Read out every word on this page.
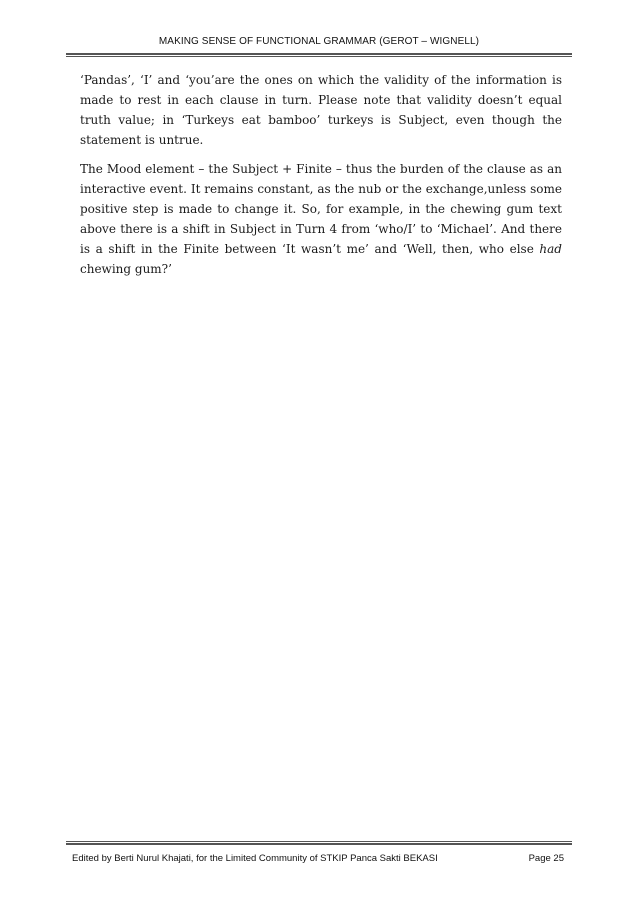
MAKING SENSE OF FUNCTIONAL GRAMMAR (GEROT – WIGNELL)

‘Pandas’, ‘I’ and ‘you’are the ones on which the validity of the information is made to rest in each clause in turn. Please note that validity doesn’t equal truth value; in ‘Turkeys eat bamboo’ turkeys is Subject, even though the statement is untrue.

The Mood element – the Subject + Finite – thus the burden of the clause as an interactive event. It remains constant, as the nub or the exchange,unless some positive step is made to change it. So, for example, in the chewing gum text above there is a shift in Subject in Turn 4 from ‘who/I’ to ‘Michael’. And there is a shift in the Finite between ‘It wasn’t me’ and ‘Well, then, who else had chewing gum?’

Edited by Berti Nurul Khajati, for the Limited Community of STKIP Panca Sakti BEKASI	Page 25
